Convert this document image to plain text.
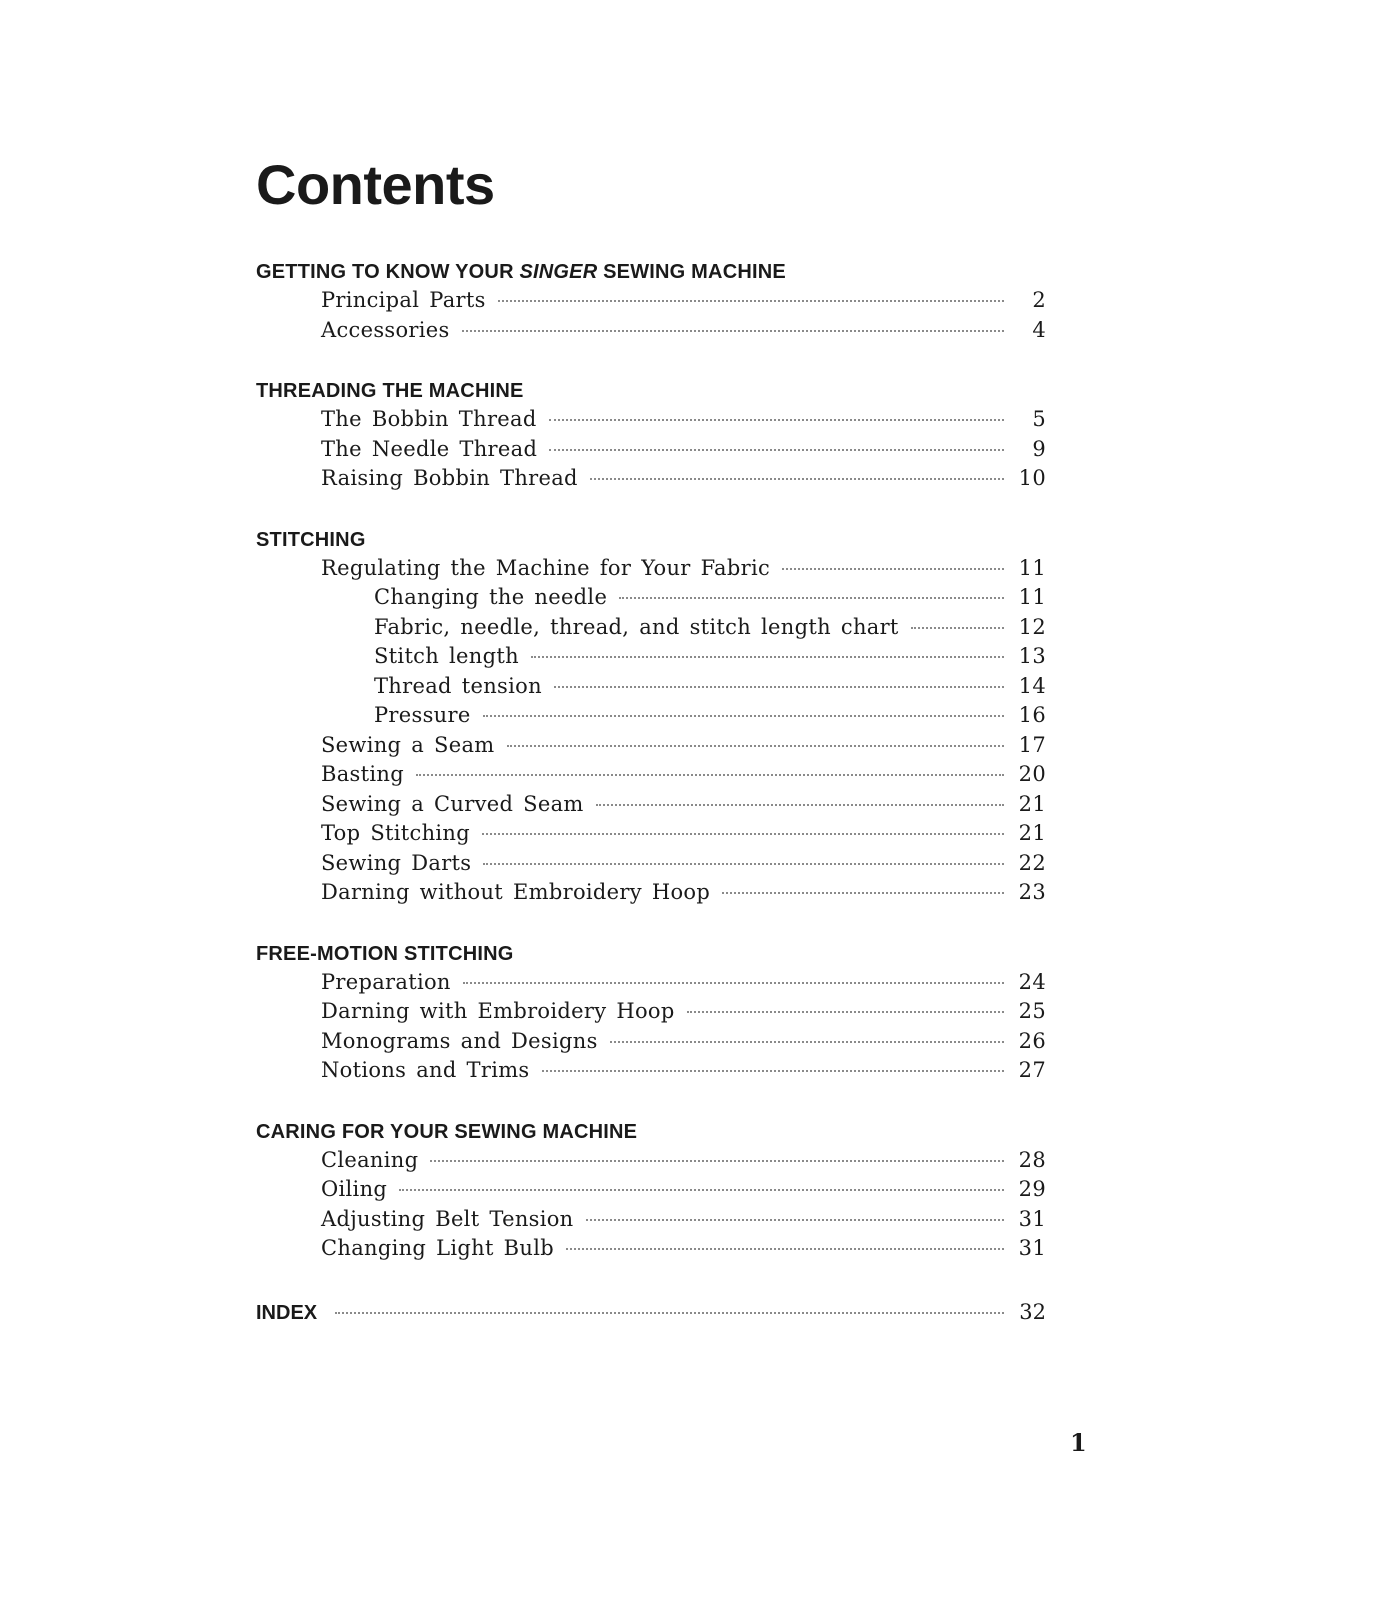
Contents
GETTING TO KNOW YOUR SINGER SEWING MACHINE
Principal Parts	2
Accessories	4
THREADING THE MACHINE
The Bobbin Thread	5
The Needle Thread	9
Raising Bobbin Thread	10
STITCHING
Regulating the Machine for Your Fabric	11
Changing the needle	11
Fabric, needle, thread, and stitch length chart	12
Stitch length	13
Thread tension	14
Pressure	16
Sewing a Seam	17
Basting	20
Sewing a Curved Seam	21
Top Stitching	21
Sewing Darts	22
Darning without Embroidery Hoop	23
FREE-MOTION STITCHING
Preparation	24
Darning with Embroidery Hoop	25
Monograms and Designs	26
Notions and Trims	27
CARING FOR YOUR SEWING MACHINE
Cleaning	28
Oiling	29
Adjusting Belt Tension	31
Changing Light Bulb	31
INDEX	32
1
